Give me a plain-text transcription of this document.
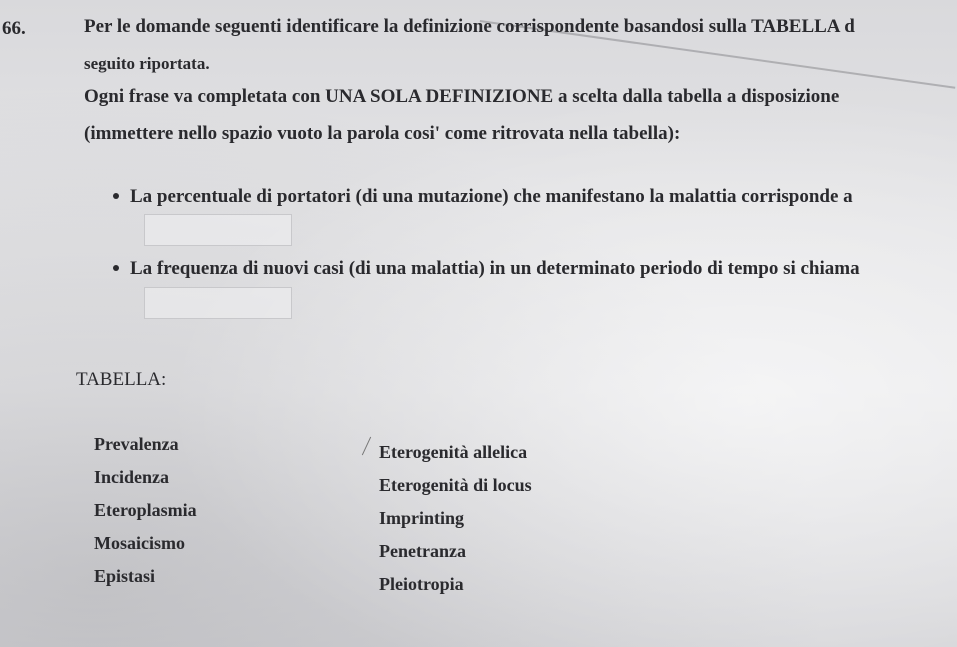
66.	Per le domande seguenti identificare la definizione corrispondente basandosi sulla TABELLA d
seguito riportata.
Ogni frase va completata con UNA SOLA DEFINIZIONE a scelta dalla tabella a disposizione
(immettere nello spazio vuoto la parola cosi' come ritrovata nella tabella):
La percentuale di portatori (di una mutazione) che manifestano la malattia corrisponde a
La frequenza di nuovi casi (di una malattia) in un determinato periodo di tempo si chiama
TABELLA:
Prevalenza
Incidenza
Eteroplasmia
Mosaicismo
Epistasi
Eterogenità allelica
Eterogenità di locus
Imprinting
Penetranza
Pleiotropia
